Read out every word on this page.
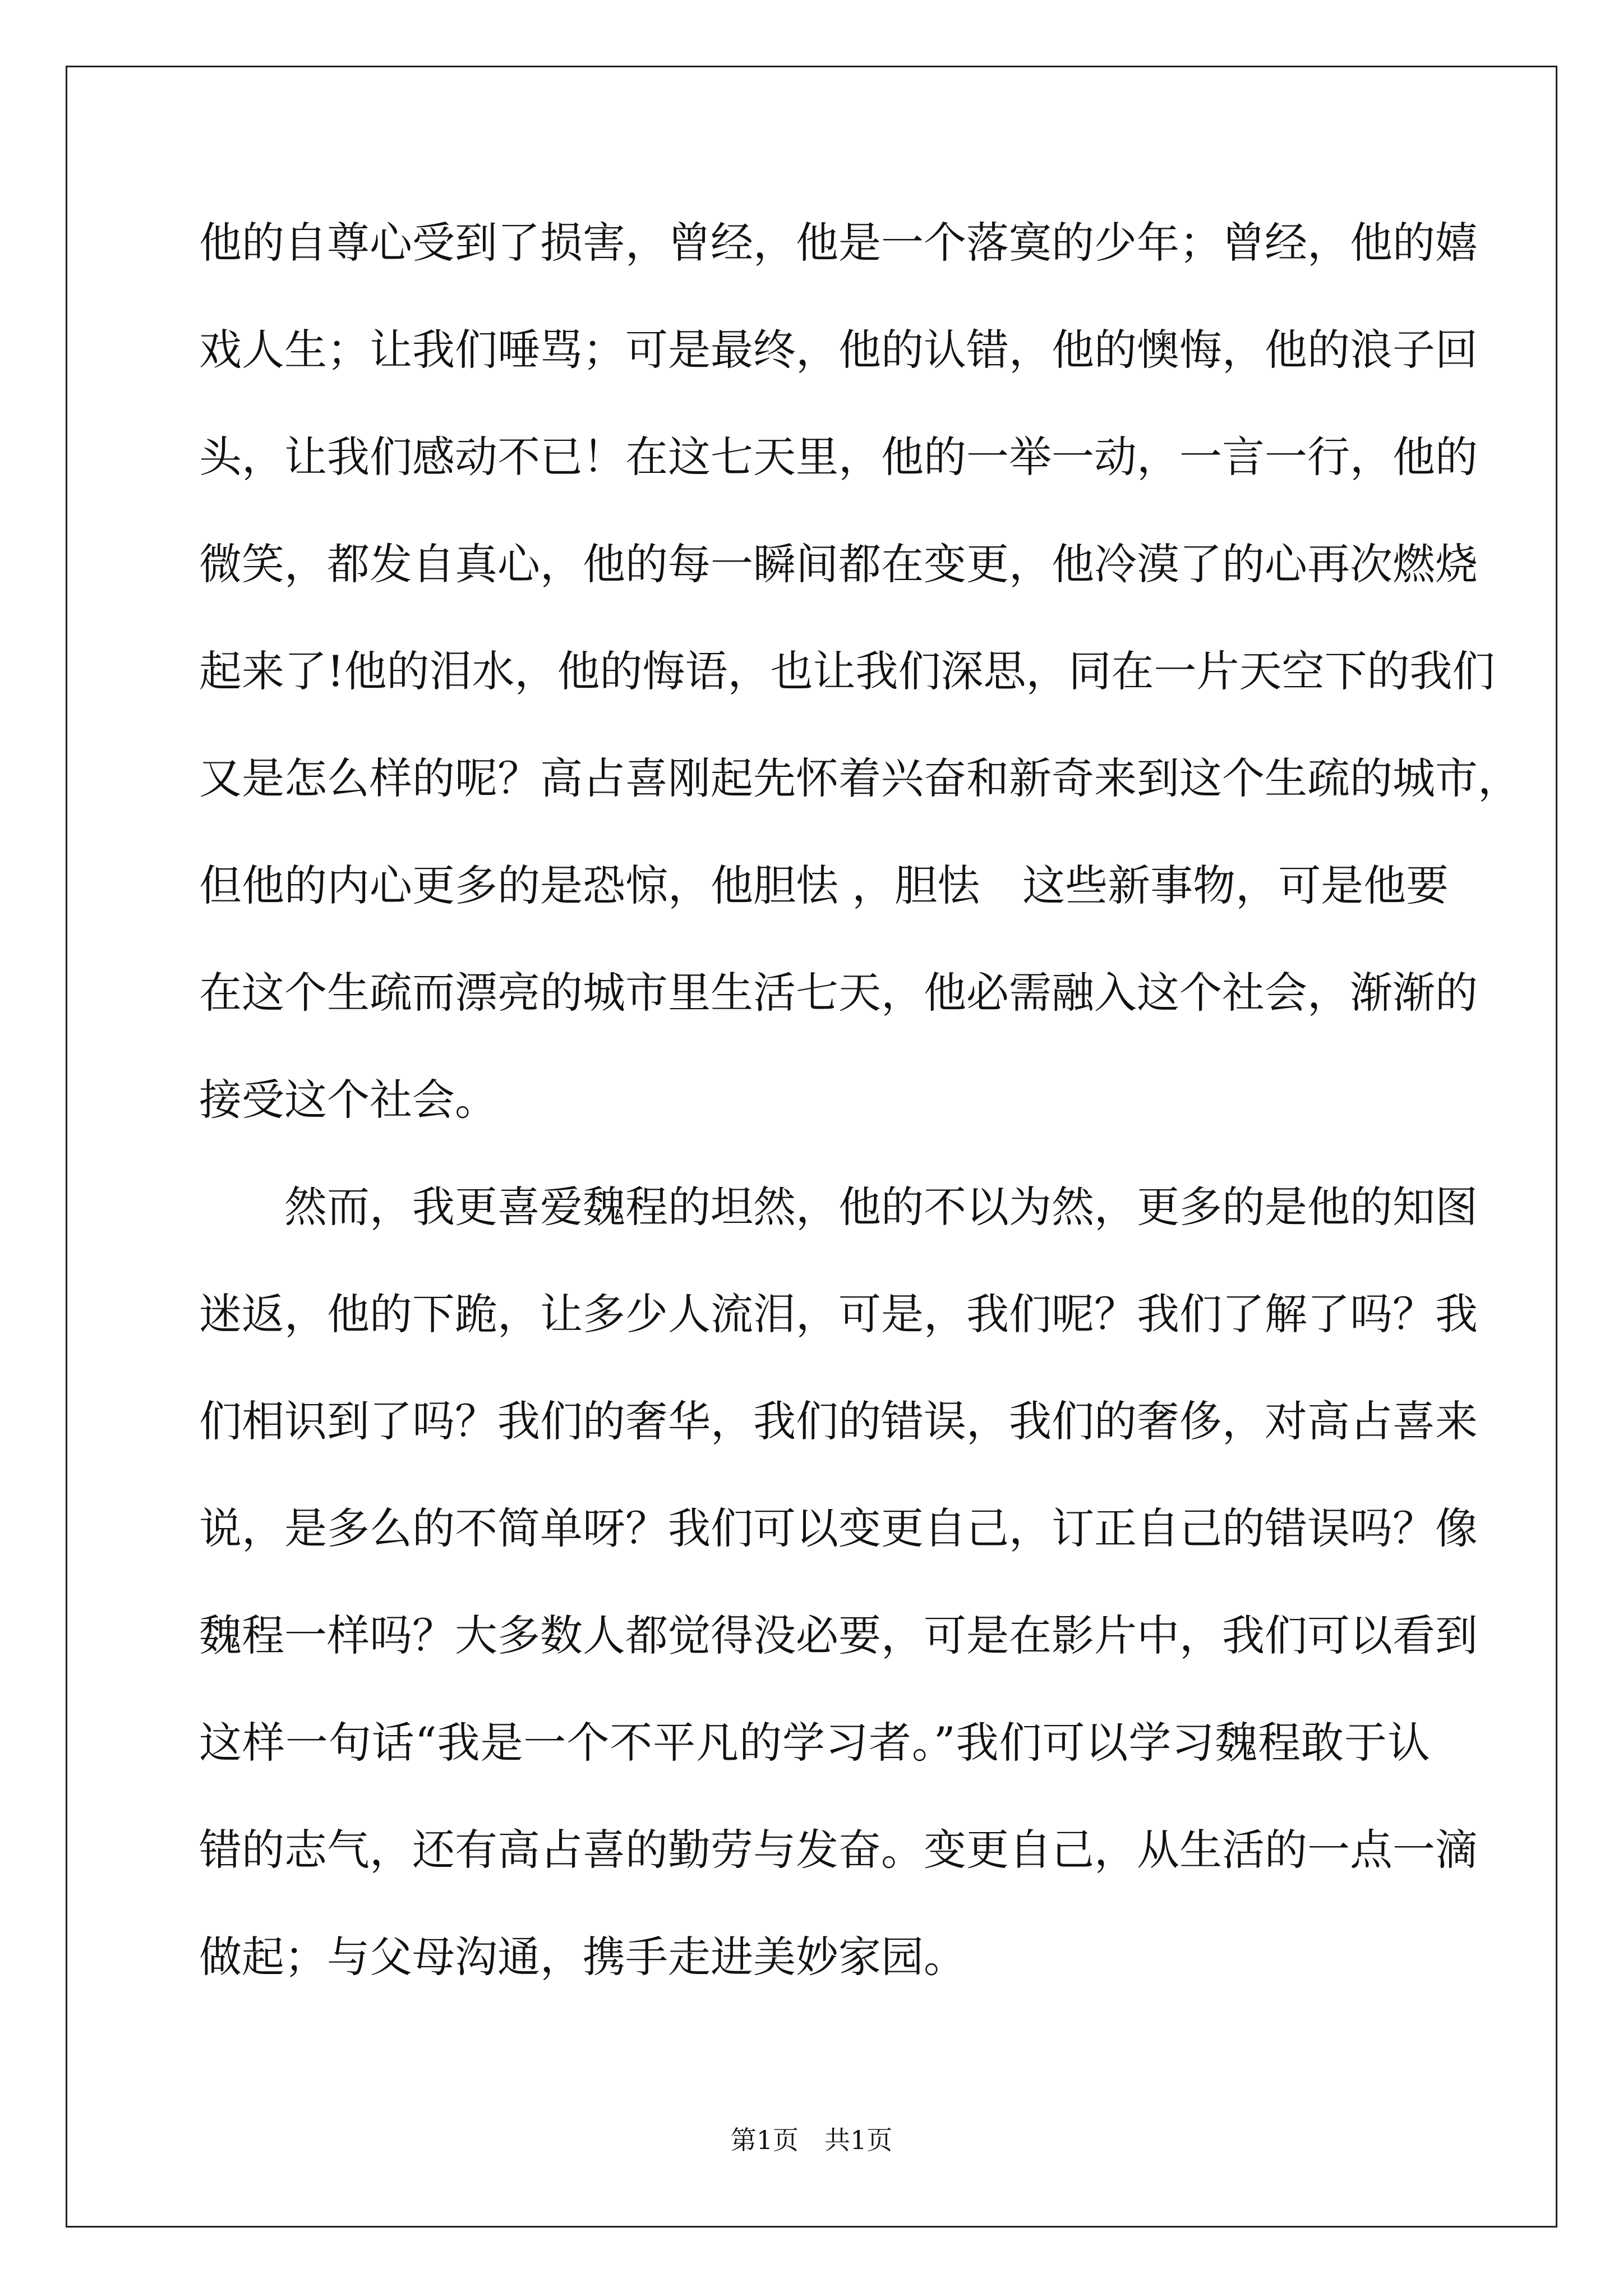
他的自尊心受到了损害，曾经，他是一个落寞的少年；曾经，他的嬉
戏人生；让我们唾骂；可是最终，他的认错，他的懊悔，他的浪子回
头，让我们感动不已！在这七天里，他的一举一动，一言一行，他的
微笑，都发自真心，他的每一瞬间都在变更，他冷漠了的心再次燃烧
起来了!他的泪水，他的悔语，也让我们深思，同在一片天空下的我们
又是怎么样的呢？高占喜刚起先怀着兴奋和新奇来到这个生疏的城市，
但他的内心更多的是恐惊，他胆怯 ，胆怯　这些新事物，可是他要
在这个生疏而漂亮的城市里生活七天，他必需融入这个社会，渐渐的
接受这个社会。
　　然而，我更喜爱魏程的坦然，他的不以为然，更多的是他的知图
迷返，他的下跪，让多少人流泪，可是，我们呢？我们了解了吗？我
们相识到了吗？我们的奢华，我们的错误，我们的奢侈，对高占喜来
说，是多么的不简单呀？我们可以变更自己，订正自己的错误吗？像
魏程一样吗？大多数人都觉得没必要，可是在影片中，我们可以看到
这样一句话“我是一个不平凡的学习者。”我们可以学习魏程敢于认
错的志气，还有高占喜的勤劳与发奋。变更自己，从生活的一点一滴
做起；与父母沟通，携手走进美妙家园。
第1页　共1页
